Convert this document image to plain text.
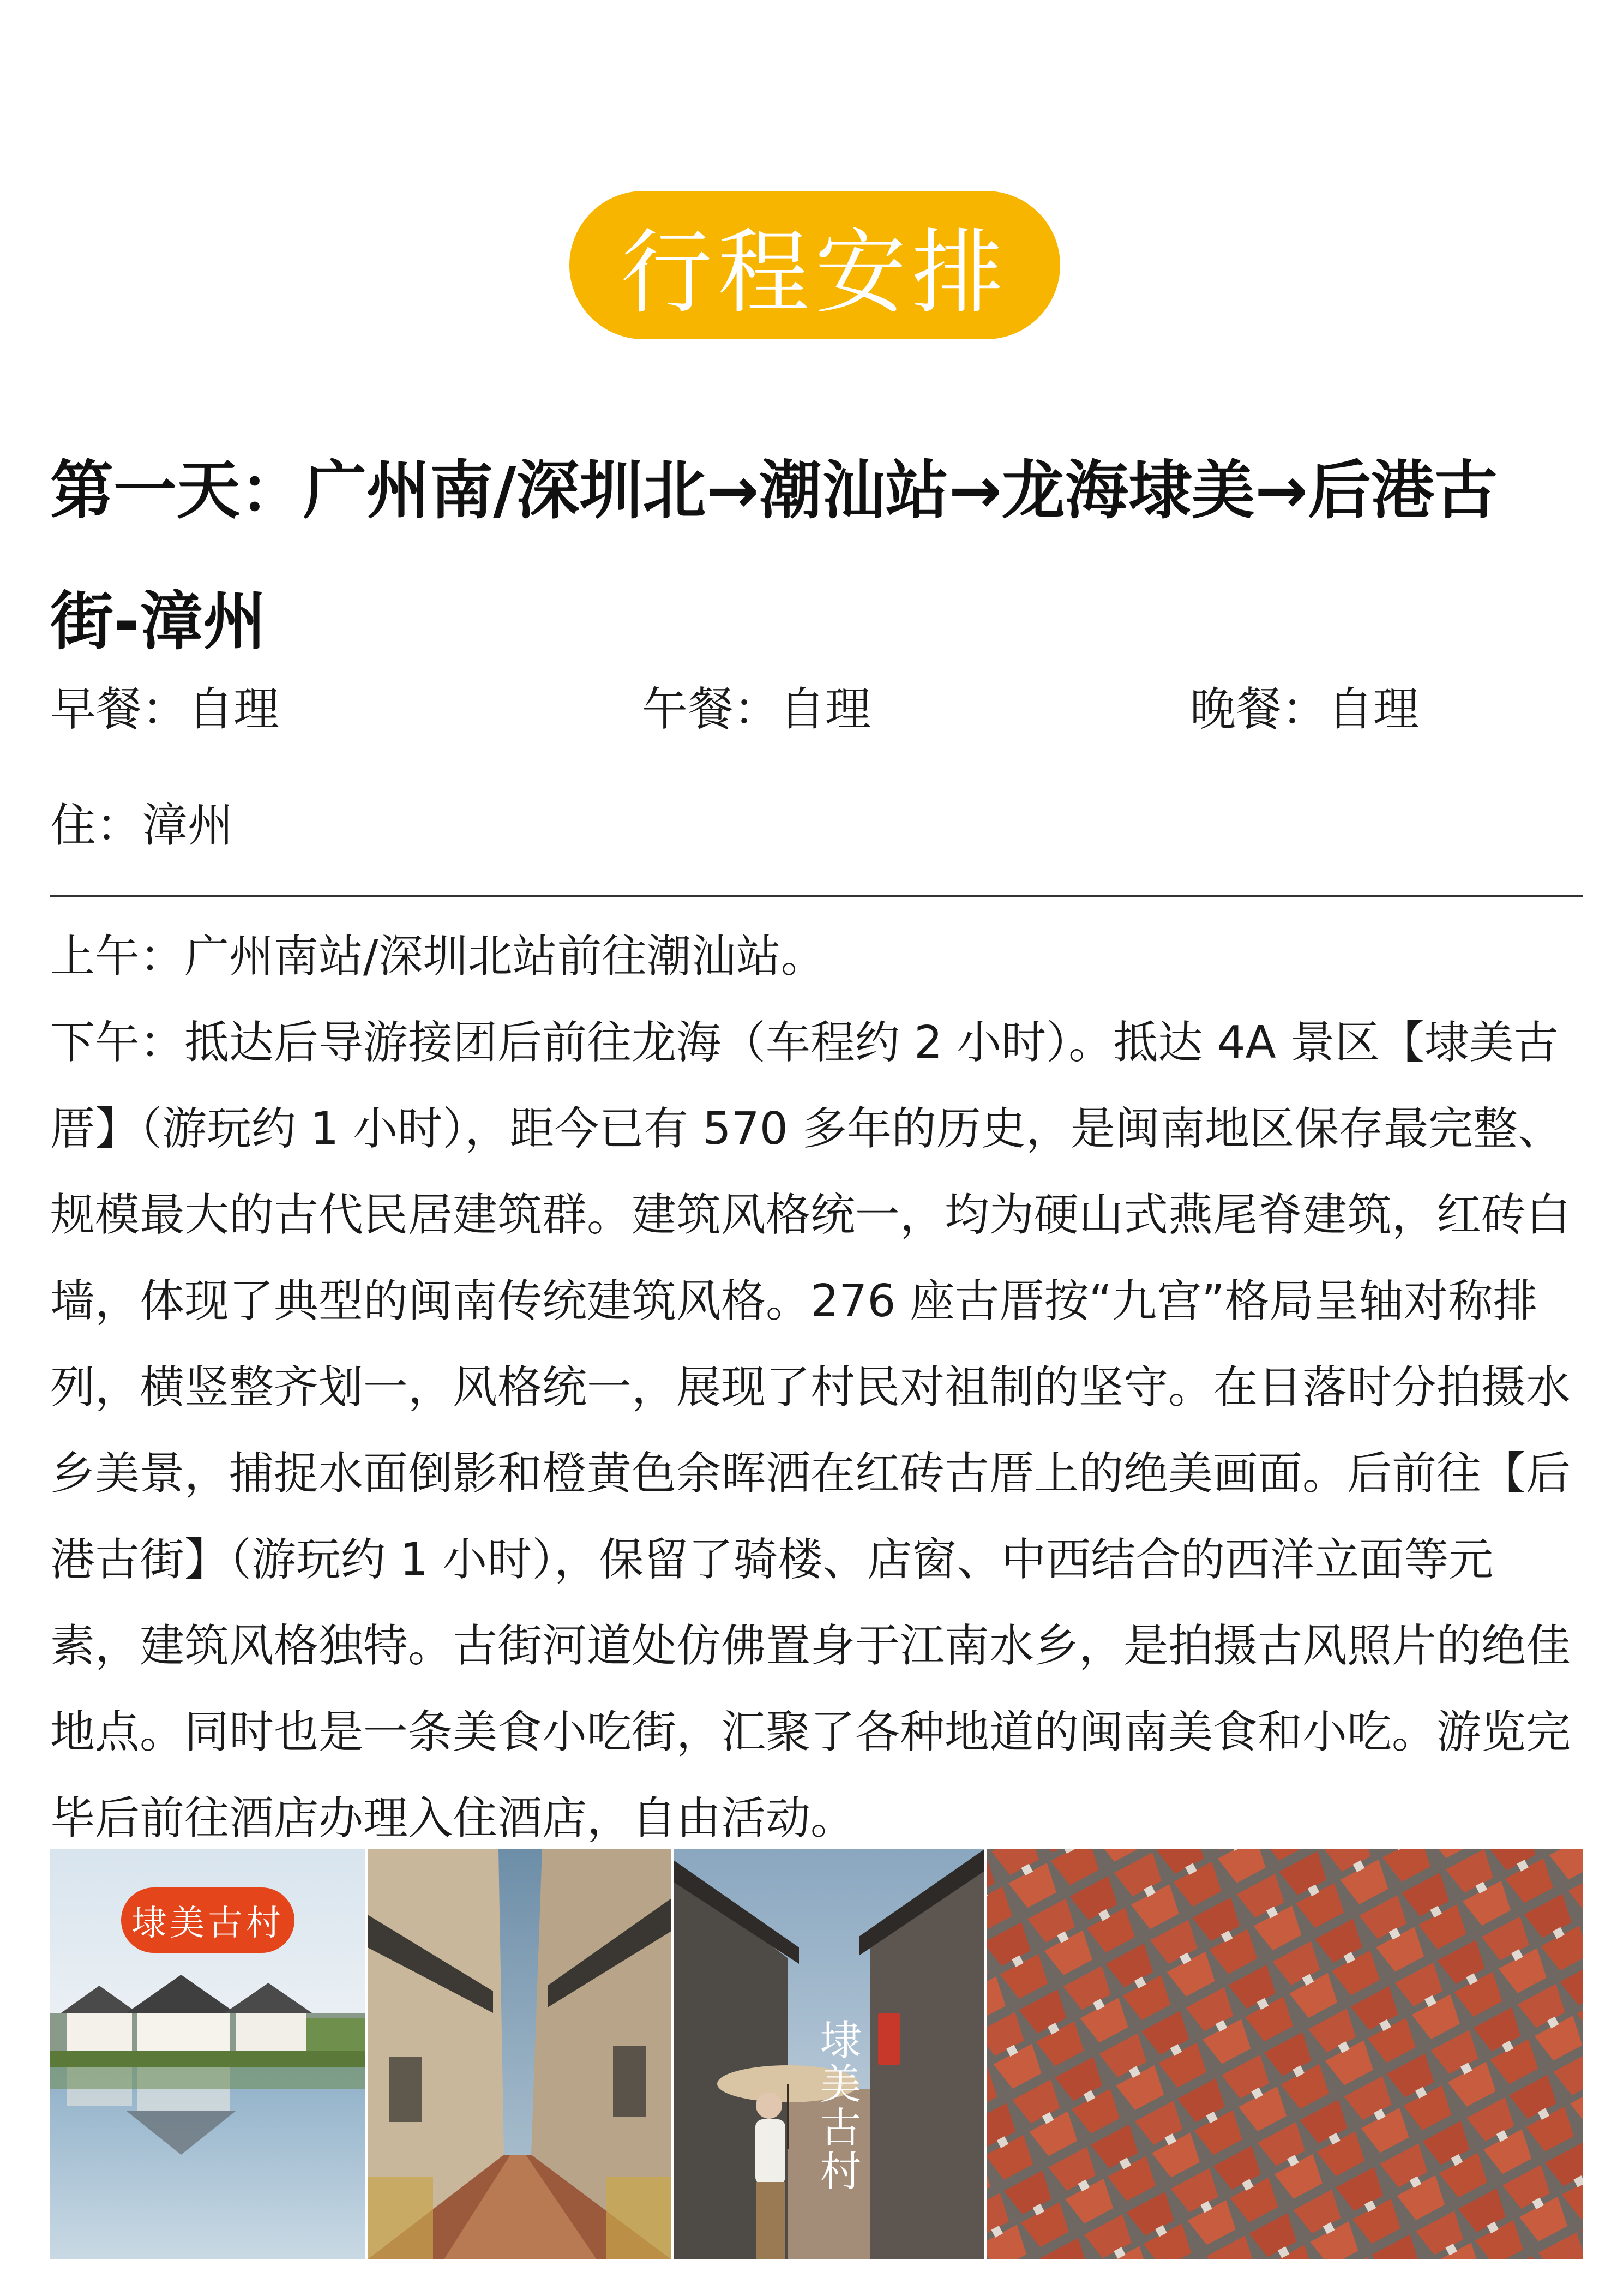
行程安排
第一天：广州南/深圳北→潮汕站→龙海埭美→后港古街-漳州
早餐：自理	午餐：自理	晚餐：自理
住：漳州

上午：广州南站/深圳北站前往潮汕站。

下午：抵达后导游接团后前往龙海（车程约 2 小时）。抵达 4A 景区【埭美古厝】（游玩约 1 小时），距今已有 570 多年的历史，是闽南地区保存最完整、规模最大的古代民居建筑群。建筑风格统一，均为硬山式燕尾脊建筑，红砖白墙，体现了典型的闽南传统建筑风格。276 座古厝按“九宫”格局呈轴对称排列，横竖整齐划一，风格统一，展现了村民对祖制的坚守。在日落时分拍摄水乡美景，捕捉水面倒影和橙黄色余晖洒在红砖古厝上的绝美画面。后前往【后港古街】（游玩约 1 小时），保留了骑楼、店窗、中西结合的西洋立面等元素，建筑风格独特。古街河道处仿佛置身于江南水乡，是拍摄古风照片的绝佳地点。同时也是一条美食小吃街，汇聚了各种地道的闽南美食和小吃。游览完毕后前往酒店办理入住酒店，自由活动。

埭美古村
埭美古村
